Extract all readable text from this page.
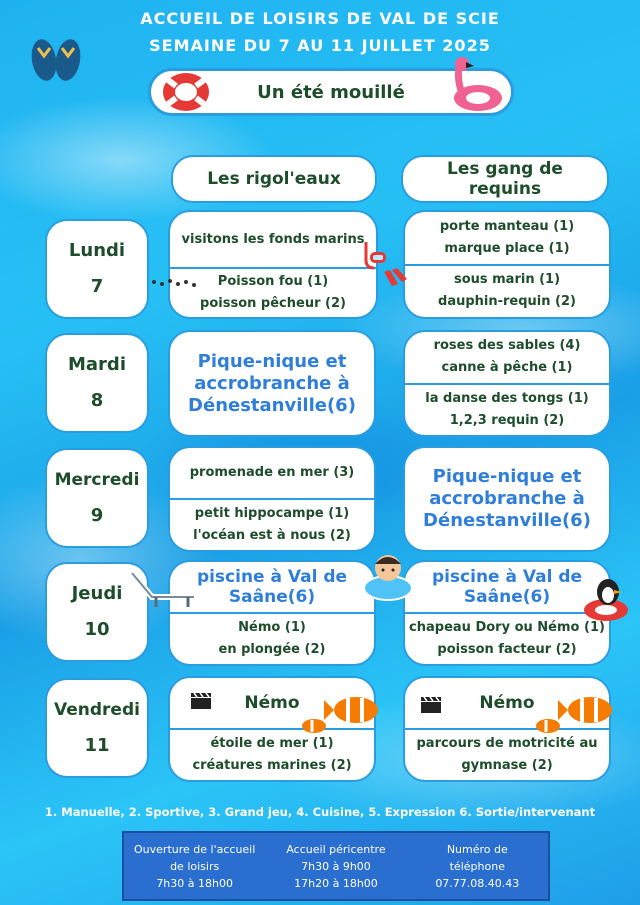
ACCUEIL DE LOISIRS DE VAL DE SCIE
SEMAINE DU 7 AU 11 JUILLET 2025
Un été mouillé
Les rigol'eaux	Les gang de requins
Lundi
7
visitons les fonds marins
Poisson fou (1)
poisson pêcheur (2)
porte manteau (1)
marque place (1)
sous marin (1)
dauphin-requin (2)
Mardi
8
Pique-nique et accrobranche à Dénestanville(6)
roses des sables (4)
canne à pêche (1)
la danse des tongs (1)
1,2,3 requin (2)
Mercredi
9
promenade en mer (3)
petit hippocampe (1)
l'océan est à nous (2)
Pique-nique et accrobranche à Dénestanville(6)
Jeudi
10
piscine à Val de Saâne(6)
Némo (1)
en plongée (2)
piscine à Val de Saâne(6)
chapeau Dory ou Némo (1)
poisson facteur (2)
Vendredi
11
Némo
étoile de mer (1)
créatures marines (2)
Némo
parcours de motricité au
gymnase (2)
1. Manuelle, 2. Sportive, 3. Grand jeu, 4. Cuisine, 5. Expression 6. Sortie/intervenant
Ouverture de l'accueil
de loisirs
7h30 à 18h00
Accueil péricentre
7h30 à 9h00
17h20 à 18h00
Numéro de
téléphone
07.77.08.40.43
